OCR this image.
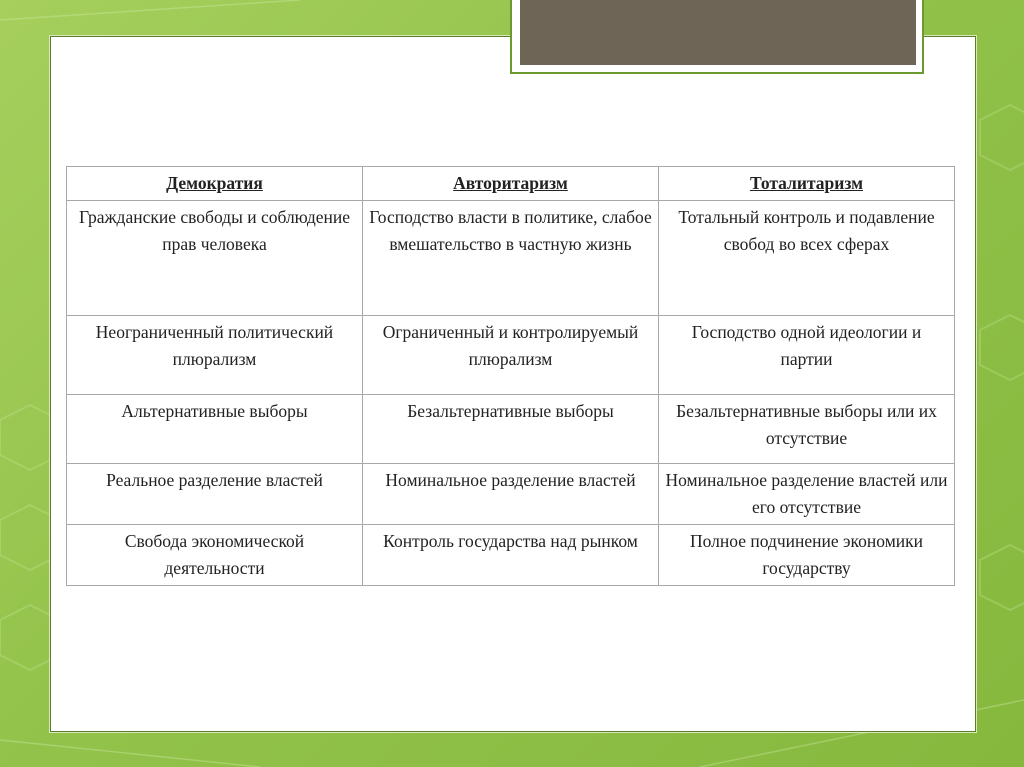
Демократия	Авторитаризм	Тоталитаризм
Гражданские свободы и соблюдение прав человека	Господство власти в политике, слабое вмешательство в частную жизнь	Тотальный контроль и подавление свобод во всех сферах
Неограниченный политический плюрализм	Ограниченный и контролируемый плюрализм	Господство одной идеологии и партии
Альтернативные выборы	Безальтернативные выборы	Безальтернативные выборы или их отсутствие
Реальное разделение властей	Номинальное разделение властей	Номинальное разделение властей или его отсутствие
Свобода экономической деятельности	Контроль государства над рынком	Полное подчинение экономики государству
